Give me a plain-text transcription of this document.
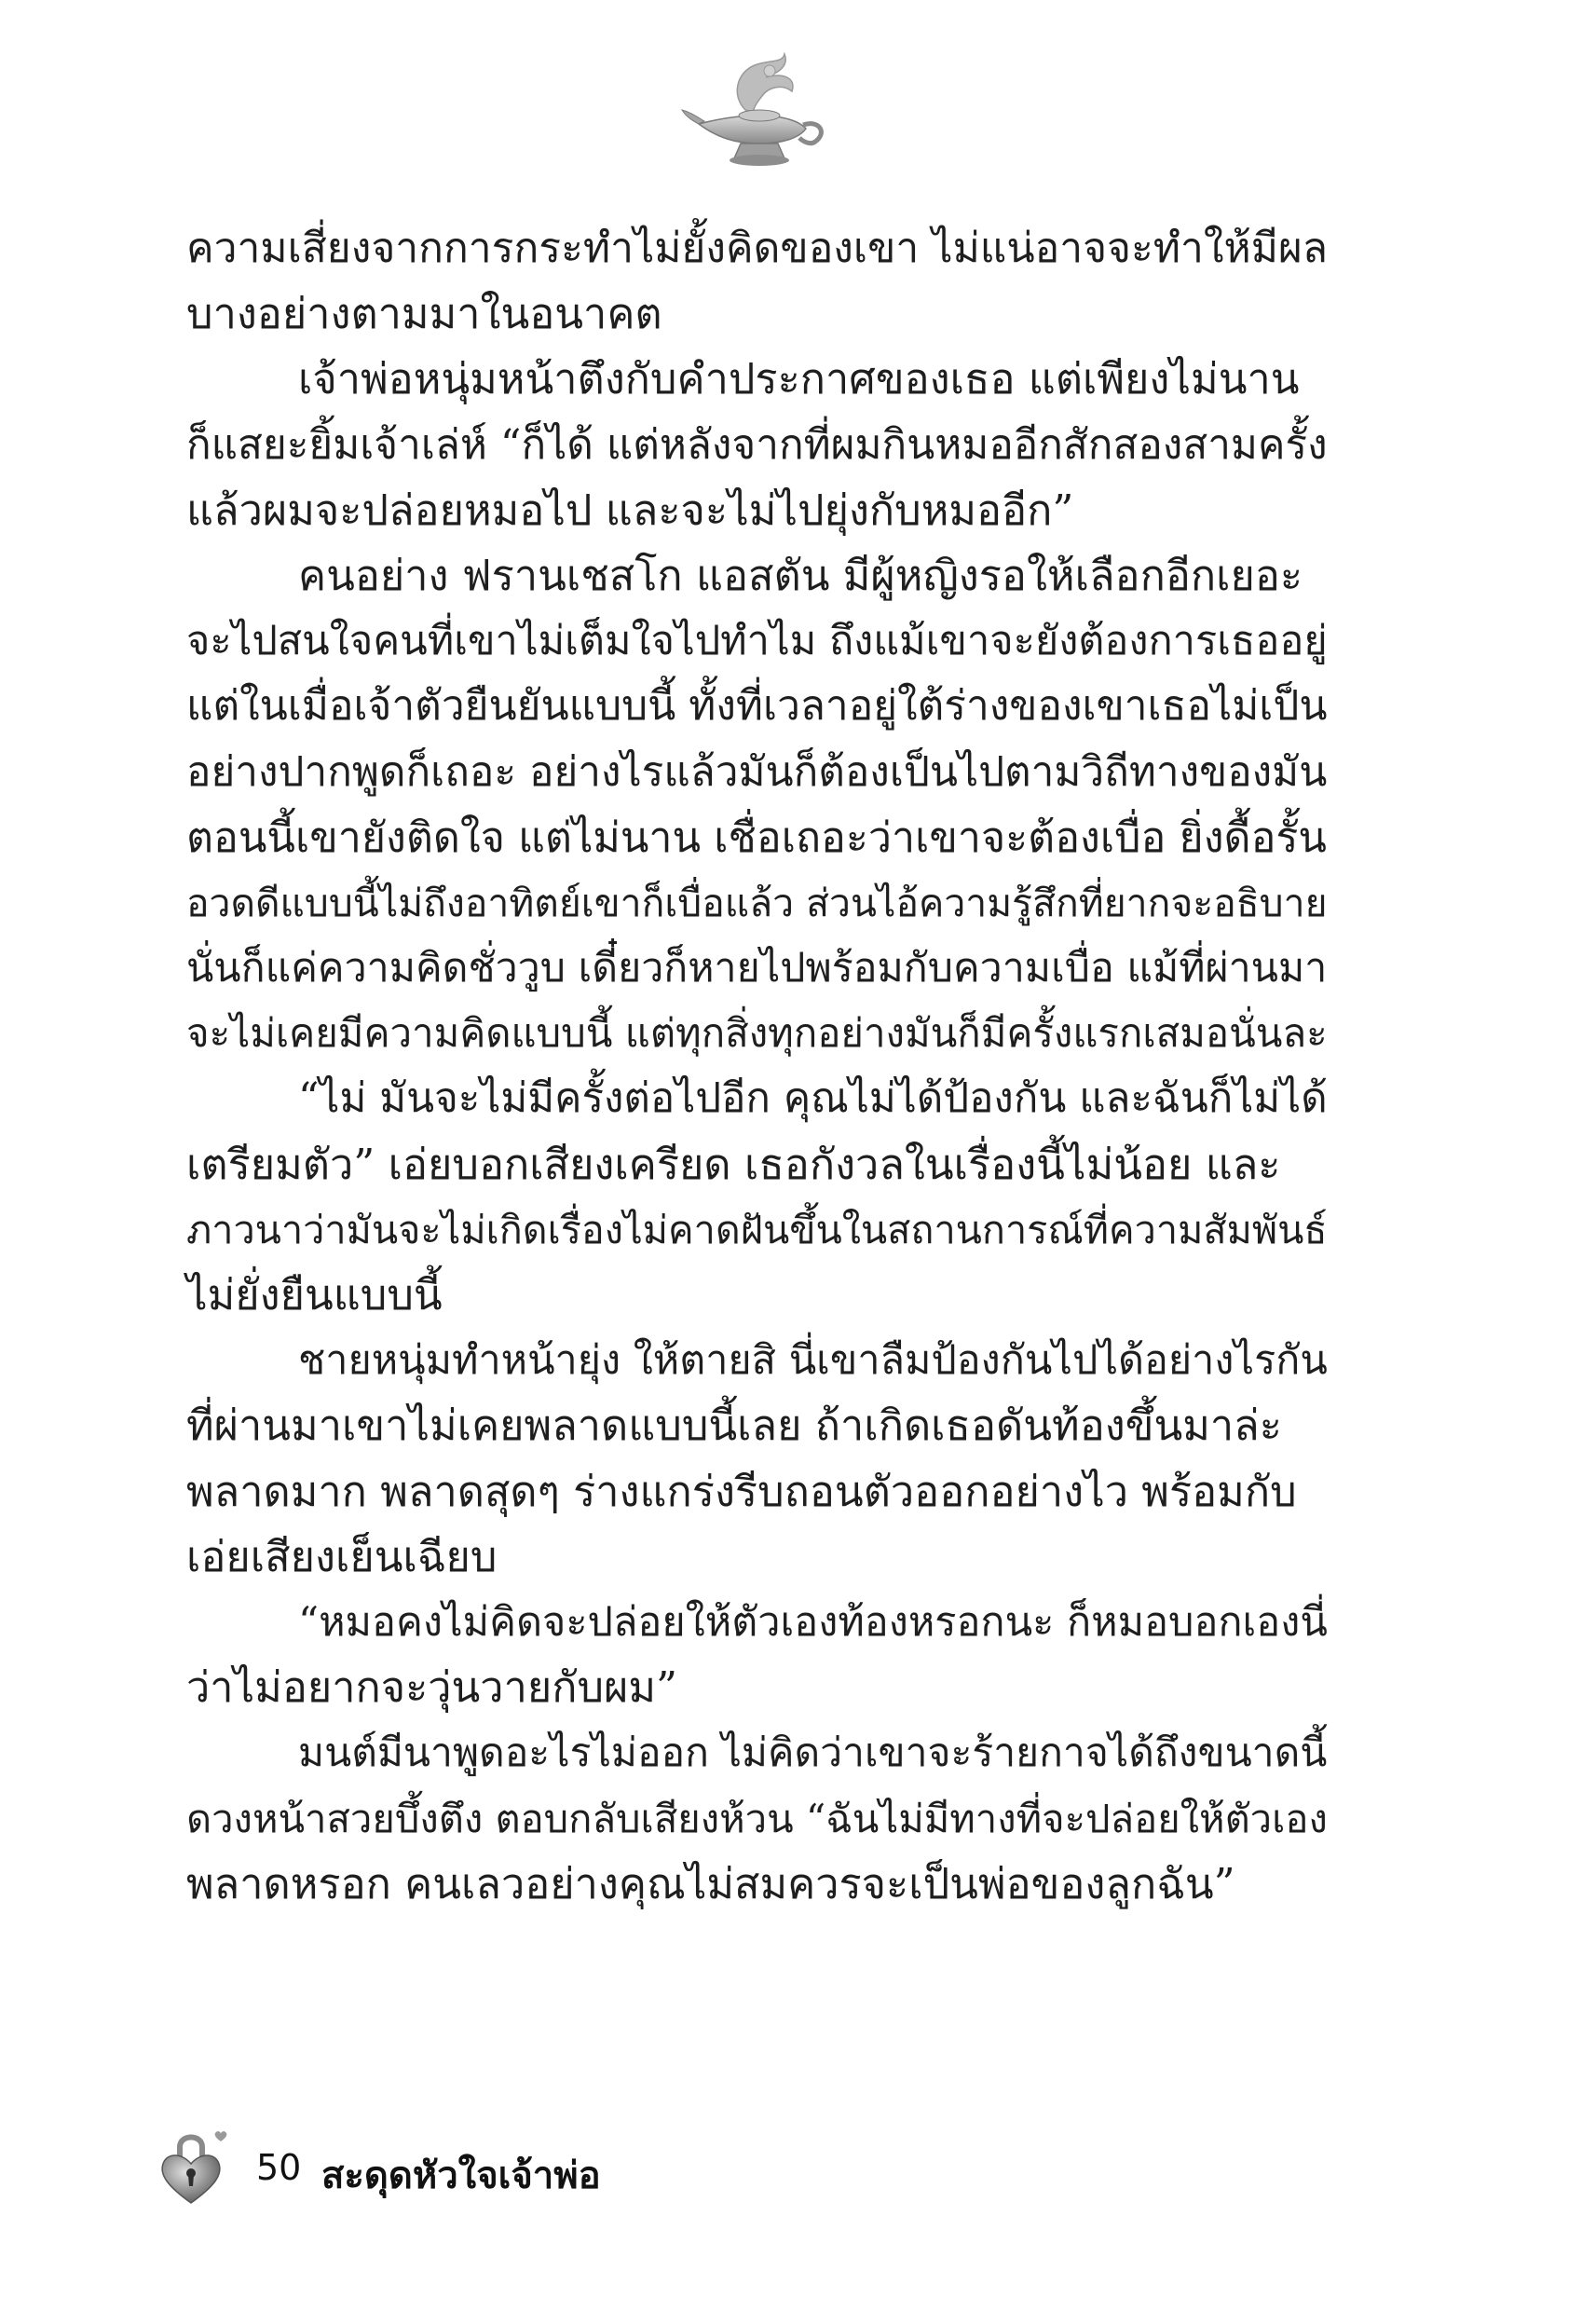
ความเสี่ยงจากการกระทำไม่ยั้งคิดของเขา ไม่แน่อาจจะทำให้มีผล
บางอย่างตามมาในอนาคต
เจ้าพ่อหนุ่มหน้าตึงกับคำประกาศของเธอ แต่เพียงไม่นาน
ก็แสยะยิ้มเจ้าเล่ห์ “ก็ได้ แต่หลังจากที่ผมกินหมออีกสักสองสามครั้ง
แล้วผมจะปล่อยหมอไป และจะไม่ไปยุ่งกับหมออีก”
คนอย่าง ฟรานเชสโก แอสตัน มีผู้หญิงรอให้เลือกอีกเยอะ
จะไปสนใจคนที่เขาไม่เต็มใจไปทำไม ถึงแม้เขาจะยังต้องการเธออยู่
แต่ในเมื่อเจ้าตัวยืนยันแบบนี้ ทั้งที่เวลาอยู่ใต้ร่างของเขาเธอไม่เป็น
อย่างปากพูดก็เถอะ อย่างไรแล้วมันก็ต้องเป็นไปตามวิถีทางของมัน
ตอนนี้เขายังติดใจ แต่ไม่นาน เชื่อเถอะว่าเขาจะต้องเบื่อ ยิ่งดื้อรั้น
อวดดีแบบนี้ไม่ถึงอาทิตย์เขาก็เบื่อแล้ว ส่วนไอ้ความรู้สึกที่ยากจะอธิบาย
นั่นก็แค่ความคิดชั่ววูบ เดี๋ยวก็หายไปพร้อมกับความเบื่อ แม้ที่ผ่านมา
จะไม่เคยมีความคิดแบบนี้ แต่ทุกสิ่งทุกอย่างมันก็มีครั้งแรกเสมอนั่นละ
“ไม่ มันจะไม่มีครั้งต่อไปอีก คุณไม่ได้ป้องกัน และฉันก็ไม่ได้
เตรียมตัว” เอ่ยบอกเสียงเครียด เธอกังวลในเรื่องนี้ไม่น้อย และ
ภาวนาว่ามันจะไม่เกิดเรื่องไม่คาดฝันขึ้นในสถานการณ์ที่ความสัมพันธ์
ไม่ยั่งยืนแบบนี้
ชายหนุ่มทำหน้ายุ่ง ให้ตายสิ นี่เขาลืมป้องกันไปได้อย่างไรกัน
ที่ผ่านมาเขาไม่เคยพลาดแบบนี้เลย ถ้าเกิดเธอดันท้องขึ้นมาล่ะ
พลาดมาก พลาดสุดๆ ร่างแกร่งรีบถอนตัวออกอย่างไว พร้อมกับ
เอ่ยเสียงเย็นเฉียบ
“หมอคงไม่คิดจะปล่อยให้ตัวเองท้องหรอกนะ ก็หมอบอกเองนี่
ว่าไม่อยากจะวุ่นวายกับผม”
มนต์มีนาพูดอะไรไม่ออก ไม่คิดว่าเขาจะร้ายกาจได้ถึงขนาดนี้
ดวงหน้าสวยบึ้งตึง ตอบกลับเสียงห้วน “ฉันไม่มีทางที่จะปล่อยให้ตัวเอง
พลาดหรอก คนเลวอย่างคุณไม่สมควรจะเป็นพ่อของลูกฉัน”
50 สะดุดหัวใจเจ้าพ่อ
